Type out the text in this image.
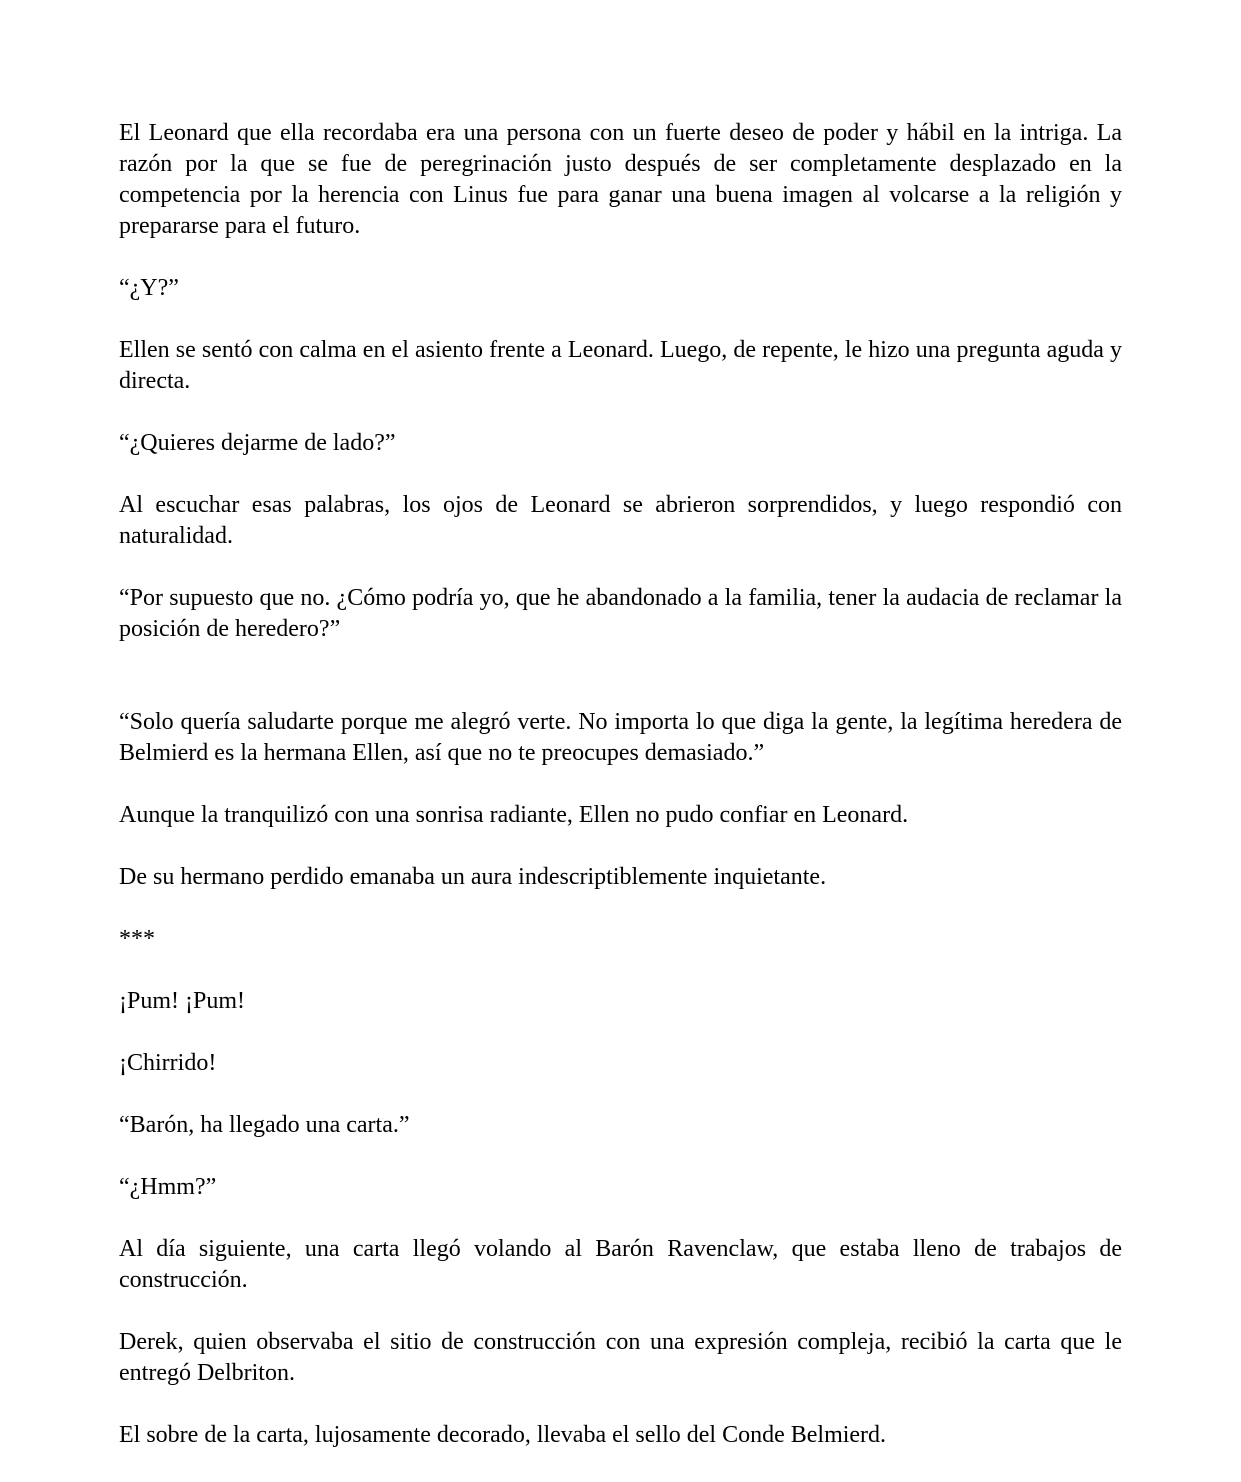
El Leonard que ella recordaba era una persona con un fuerte deseo de poder y hábil en la intriga. La razón por la que se fue de peregrinación justo después de ser completamente desplazado en la competencia por la herencia con Linus fue para ganar una buena imagen al volcarse a la religión y prepararse para el futuro.

“¿Y?”

Ellen se sentó con calma en el asiento frente a Leonard. Luego, de repente, le hizo una pregunta aguda y directa.

“¿Quieres dejarme de lado?”

Al escuchar esas palabras, los ojos de Leonard se abrieron sorprendidos, y luego respondió con naturalidad.

“Por supuesto que no. ¿Cómo podría yo, que he abandonado a la familia, tener la audacia de reclamar la posición de heredero?”

“Solo quería saludarte porque me alegró verte. No importa lo que diga la gente, la legítima heredera de Belmierd es la hermana Ellen, así que no te preocupes demasiado.”

Aunque la tranquilizó con una sonrisa radiante, Ellen no pudo confiar en Leonard.

De su hermano perdido emanaba un aura indescriptiblemente inquietante.

***

¡Pum! ¡Pum!

¡Chirrido!

“Barón, ha llegado una carta.”

“¿Hmm?”

Al día siguiente, una carta llegó volando al Barón Ravenclaw, que estaba lleno de trabajos de construcción.

Derek, quien observaba el sitio de construcción con una expresión compleja, recibió la carta que le entregó Delbriton.

El sobre de la carta, lujosamente decorado, llevaba el sello del Conde Belmierd.
